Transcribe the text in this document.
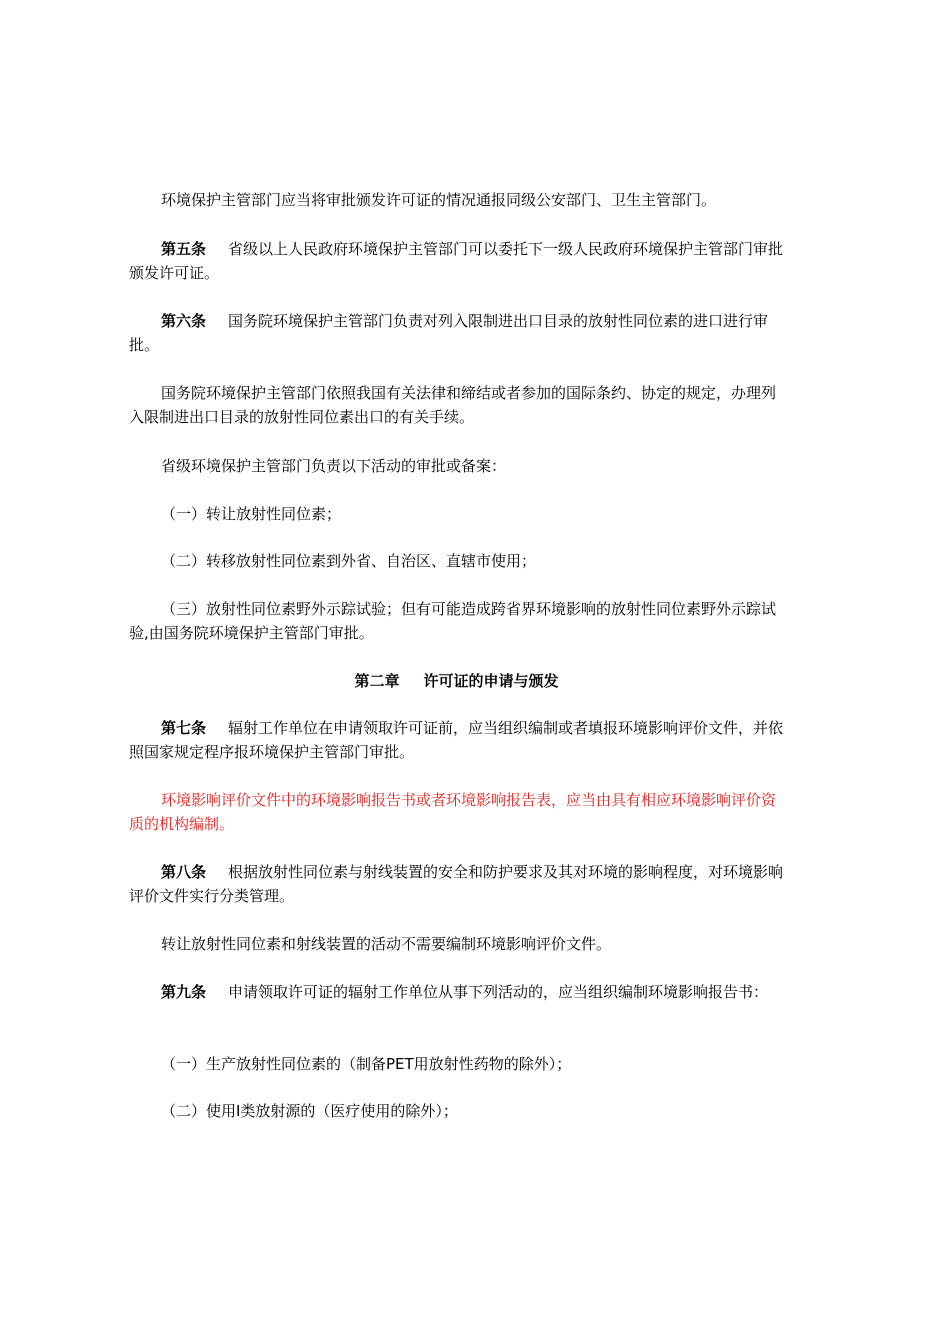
环境保护主管部门应当将审批颁发许可证的情况通报同级公安部门、卫生主管部门。

第五条 省级以上人民政府环境保护主管部门可以委托下一级人民政府环境保护主管部门审批颁发许可证。

第六条 国务院环境保护主管部门负责对列入限制进出口目录的放射性同位素的进口进行审批。

国务院环境保护主管部门依照我国有关法律和缔结或者参加的国际条约、协定的规定，办理列入限制进出口目录的放射性同位素出口的有关手续。

省级环境保护主管部门负责以下活动的审批或备案：

（一）转让放射性同位素；

（二）转移放射性同位素到外省、自治区、直辖市使用；

（三）放射性同位素野外示踪试验；但有可能造成跨省界环境影响的放射性同位素野外示踪试验,由国务院环境保护主管部门审批。

第二章 许可证的申请与颁发

第七条 辐射工作单位在申请领取许可证前，应当组织编制或者填报环境影响评价文件，并依照国家规定程序报环境保护主管部门审批。

环境影响评价文件中的环境影响报告书或者环境影响报告表，应当由具有相应环境影响评价资质的机构编制。

第八条 根据放射性同位素与射线装置的安全和防护要求及其对环境的影响程度，对环境影响评价文件实行分类管理。

转让放射性同位素和射线装置的活动不需要编制环境影响评价文件。

第九条 申请领取许可证的辐射工作单位从事下列活动的，应当组织编制环境影响报告书：

（一）生产放射性同位素的（制备PET用放射性药物的除外）；

（二）使用Ⅰ类放射源的（医疗使用的除外）；
